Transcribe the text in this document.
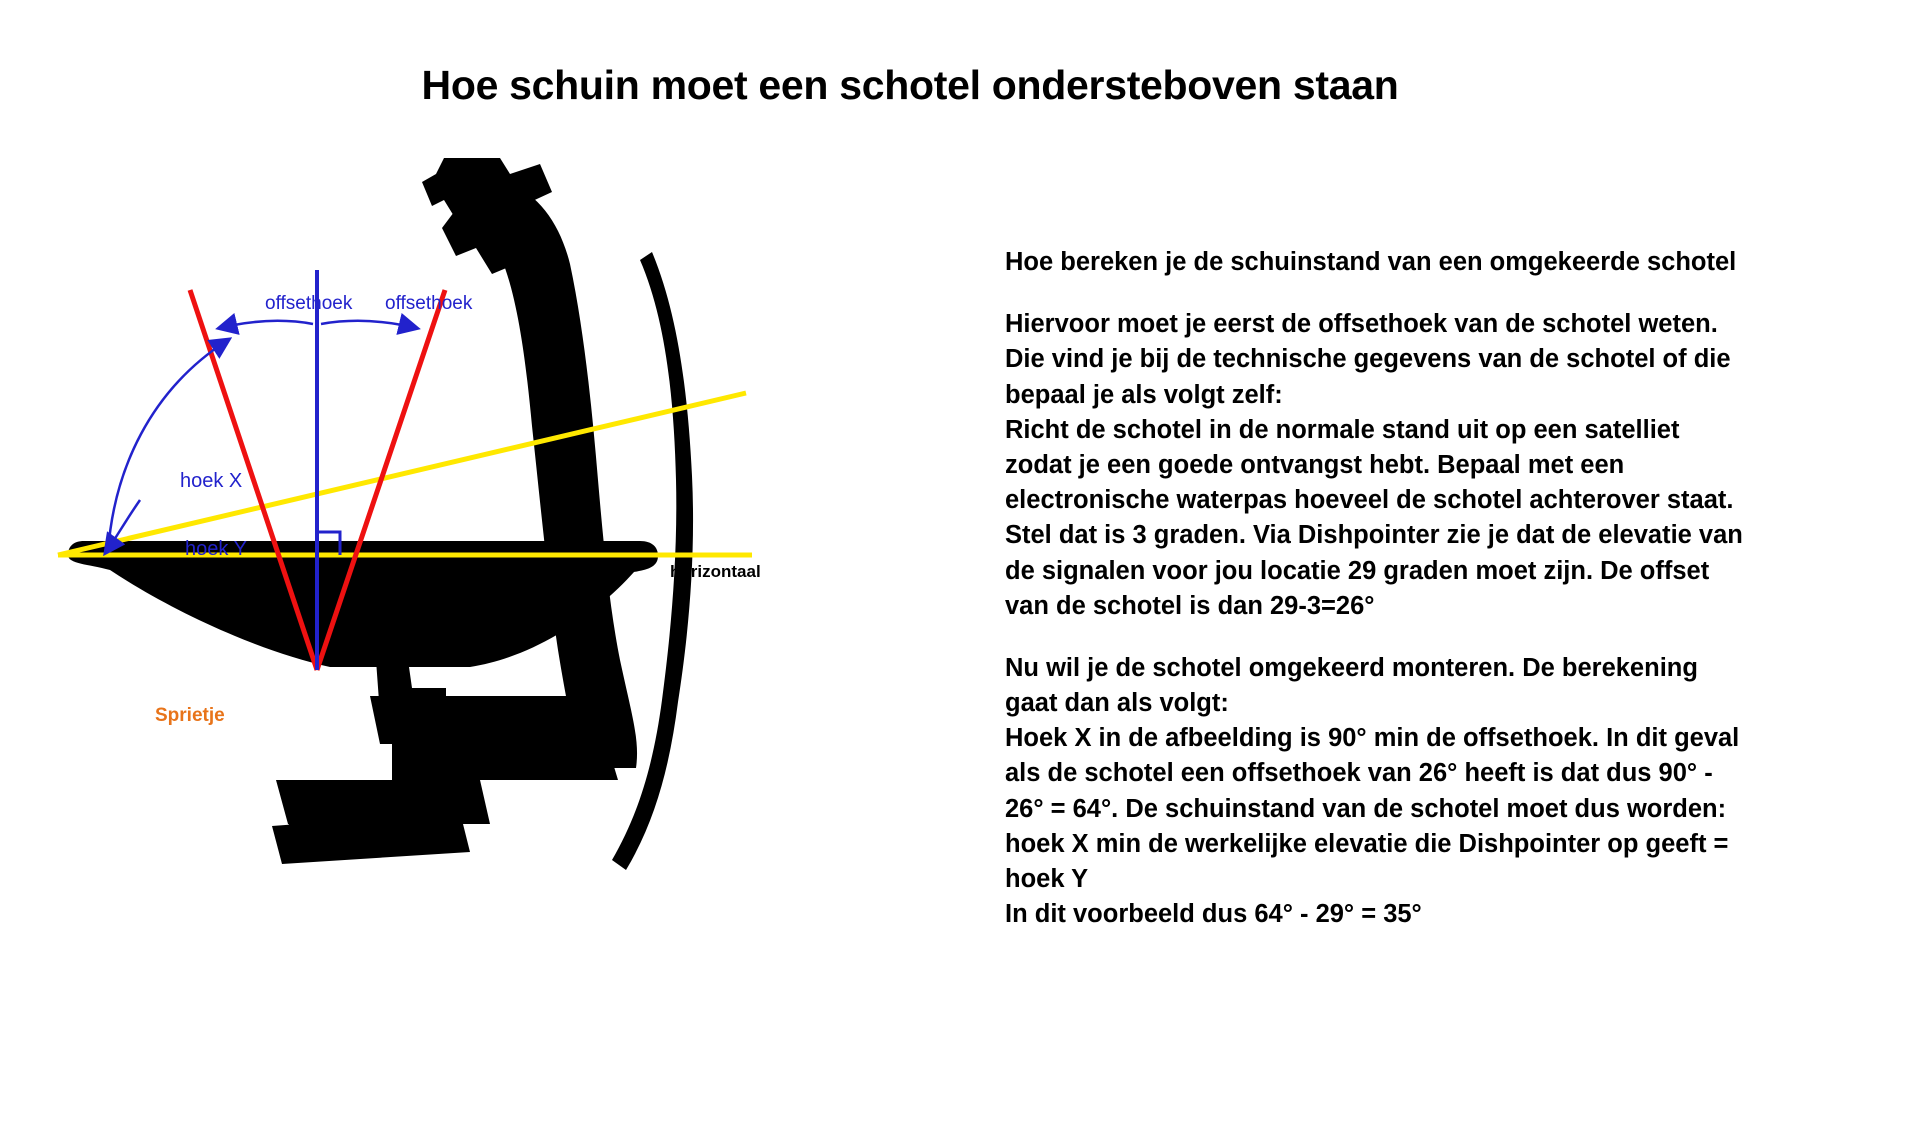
Hoe schuin moet een schotel ondersteboven staan
offsethoek offsethoek
hoek X
hoek Y
horizontaal
Sprietje

Hoe bereken je de schuinstand van een omgekeerde schotel

Hiervoor moet je eerst de offsethoek van de schotel weten.
Die vind je bij de technische gegevens van de schotel of die
bepaal je als volgt zelf:
Richt de schotel in de normale stand uit op een satelliet
zodat je een goede ontvangst hebt. Bepaal met een
electronische waterpas hoeveel de schotel achterover staat.
Stel dat is 3 graden. Via Dishpointer zie je dat de elevatie van
de signalen voor jou locatie 29 graden moet zijn. De offset
van de schotel is dan 29-3=26°

Nu wil je de schotel omgekeerd monteren. De berekening
gaat dan als volgt:
Hoek X in de afbeelding is 90° min de offsethoek. In dit geval
als de schotel een offsethoek van 26° heeft is dat dus 90° -
26° = 64°. De schuinstand van de schotel moet dus worden:
hoek X min de werkelijke elevatie die Dishpointer op geeft =
hoek Y
In dit voorbeeld dus 64° - 29° = 35°
